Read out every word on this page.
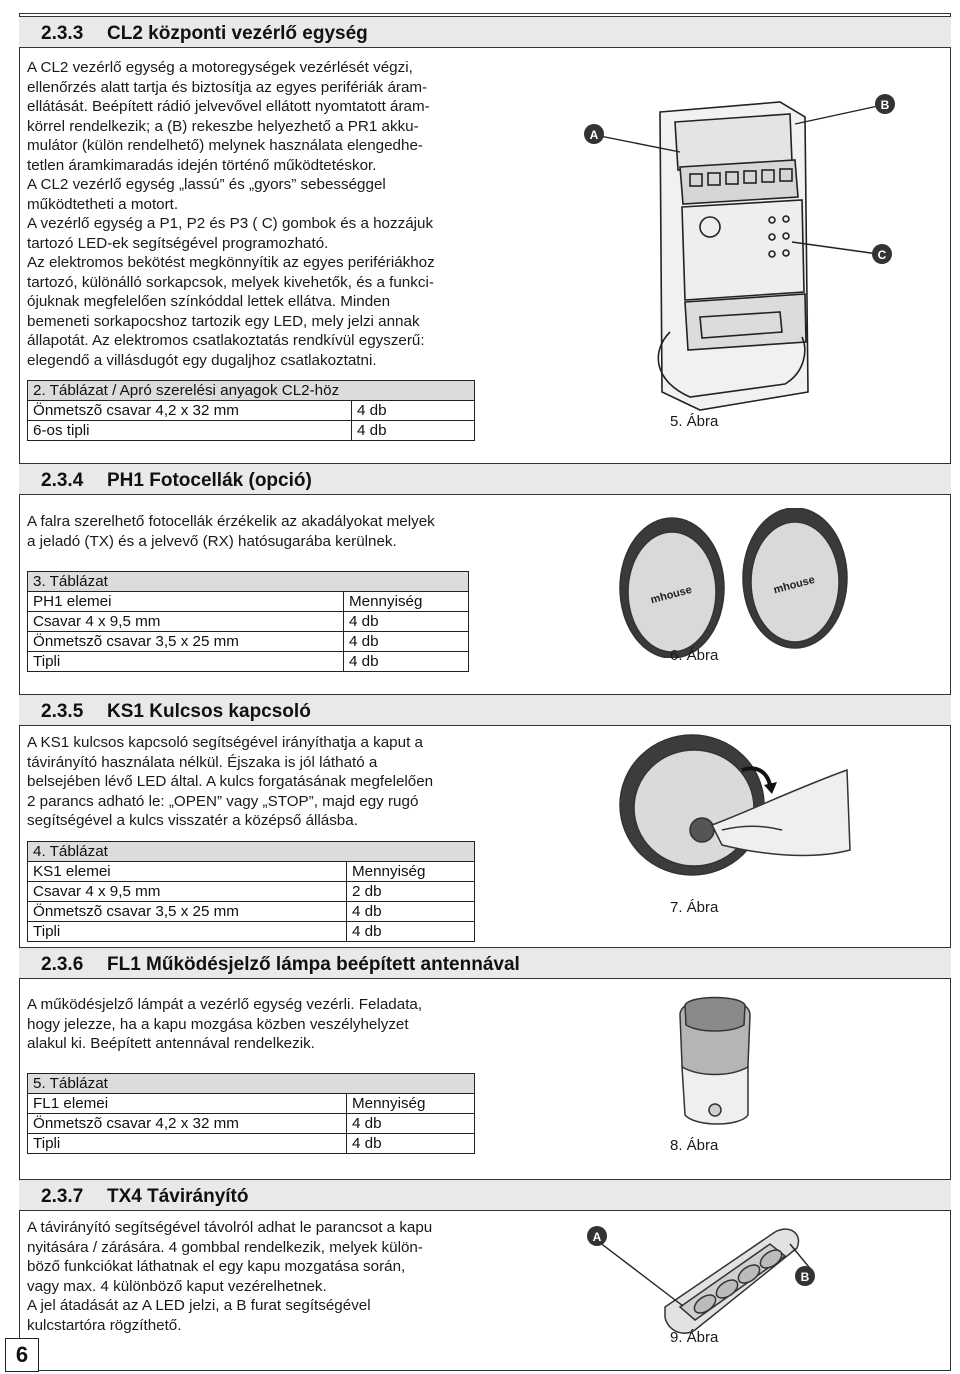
2.3.3 CL2 központi vezérlő egység
A CL2 vezérlő egység a motoregységek vezérlését végzi,
ellenőrzés alatt tartja és biztosítja az egyes perifériák áram-
ellátását. Beépített rádió jelvevővel ellátott nyomtatott áram-
körrel rendelkezik; a (B) rekeszbe helyezhető a PR1 akku-
mulátor (külön rendelhető) melynek használata elengedhe-
tetlen áramkimaradás idején történő működtetéskor.
A CL2 vezérlő egység „lassú” és „gyors” sebességgel
működtetheti a motort.
A vezérlő egység a P1, P2 és P3 ( C) gombok és a hozzájuk
tartozó LED-ek segítségével programozható.
Az elektromos bekötést megkönnyítik az egyes perifériákhoz
tartozó, különálló sorkapcsok, melyek kivehetők, és a funkci-
ójuknak megfelelően színkóddal lettek ellátva. Minden
bemeneti sorkapocshoz tartozik egy LED, mely jelzi annak
állapotát. Az elektromos csatlakoztatás rendkívül egyszerű:
elegendő a villásdugót egy dugaljhoz csatlakoztatni.
2. Táblázat / Apró szerelési anyagok CL2-höz	
Önmetszõ csavar 4,2 x 32 mm	4 db
6-os tipli	4 db
A
B
C
5. Ábra
2.3.4 PH1 Fotocellák (opció)
A falra szerelhető fotocellák érzékelik az akadályokat melyek
a jeladó (TX) és a jelvevő (RX) hatósugarába kerülnek.
3. Táblázat	
PH1 elemei	Mennyiség
Csavar 4 x 9,5 mm	4 db
Önmetszõ csavar 3,5 x 25 mm	4 db
Tipli	4 db
mhouse	mhouse
6. Ábra
2.3.5 KS1 Kulcsos kapcsoló
A KS1 kulcsos kapcsoló segítségével irányíthatja a kaput a
távirányító használata nélkül. Éjszaka is jól látható a
belsejében lévő LED által. A kulcs forgatásának megfelelően
2 parancs adható le: „OPEN” vagy „STOP”, majd egy rugó
segítségével a kulcs visszatér a középső állásba.
4. Táblázat	
KS1 elemei	Mennyiség
Csavar 4 x 9,5 mm	2 db
Önmetszõ csavar 3,5 x 25 mm	4 db
Tipli	4 db
7. Ábra
2.3.6 FL1 Működésjelző lámpa beépített antennával
A működésjelző lámpát a vezérlő egység vezérli. Feladata,
hogy jelezze, ha a kapu mozgása közben veszélyhelyzet
alakul ki. Beépített antennával rendelkezik.
5. Táblázat	
FL1 elemei	Mennyiség
Önmetszõ csavar 4,2 x 32 mm	4 db
Tipli	4 db	8. Ábra
2.3.7 TX4 Távirányító
A távirányító segítségével távolról adhat le parancsot a kapu
nyitására / zárására. 4 gombbal rendelkezik, melyek külön-
böző funkciókat láthatnak el egy kapu mozgatása során,
vagy max. 4 különböző kaput vezérelhetnek.
A jel átadását az A LED jelzi, a B furat segítségével
kulcstartóra rögzíthető.
A
B
9. Ábra
6
